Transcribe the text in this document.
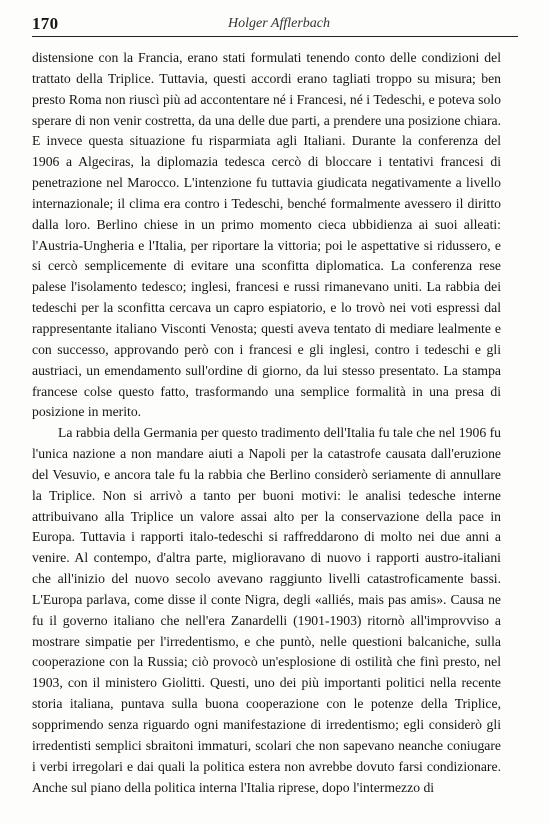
170	Holger Afflerbach

distensione con la Francia, erano stati formulati tenendo conto delle condizioni del trattato della Triplice. Tuttavia, questi accordi erano tagliati troppo su misura; ben presto Roma non riuscì più ad accontentare né i Francesi, né i Tedeschi, e poteva solo sperare di non venir costretta, da una delle due parti, a prendere una posizione chiara. E invece questa situazione fu risparmiata agli Italiani. Durante la conferenza del 1906 a Algeciras, la diplomazia tedesca cercò di bloccare i tentativi francesi di penetrazione nel Marocco. L'intenzione fu tuttavia giudicata negativamente a livello internazionale; il clima era contro i Tedeschi, benché formalmente avessero il diritto dalla loro. Berlino chiese in un primo momento cieca ubbidienza ai suoi alleati: l'Austria-Ungheria e l'Italia, per riportare la vittoria; poi le aspettative si ridussero, e si cercò semplicemente di evitare una sconfitta diplomatica. La conferenza rese palese l'isolamento tedesco; inglesi, francesi e russi rimanevano uniti. La rabbia dei tedeschi per la sconfitta cercava un capro espiatorio, e lo trovò nei voti espressi dal rappresentante italiano Visconti Venosta; questi aveva tentato di mediare lealmente e con successo, approvando però con i francesi e gli inglesi, contro i tedeschi e gli austriaci, un emendamento sull'ordine di giorno, da lui stesso presentato. La stampa francese colse questo fatto, trasformando una semplice formalità in una presa di posizione in merito.

La rabbia della Germania per questo tradimento dell'Italia fu tale che nel 1906 fu l'unica nazione a non mandare aiuti a Napoli per la catastrofe causata dall'eruzione del Vesuvio, e ancora tale fu la rabbia che Berlino considerò seriamente di annullare la Triplice. Non si arrivò a tanto per buoni motivi: le analisi tedesche interne attribuivano alla Triplice un valore assai alto per la conservazione della pace in Europa. Tuttavia i rapporti italo-tedeschi si raffreddarono di molto nei due anni a venire. Al contempo, d'altra parte, miglioravano di nuovo i rapporti austro-italiani che all'inizio del nuovo secolo avevano raggiunto livelli catastroficamente bassi. L'Europa parlava, come disse il conte Nigra, degli «alliés, mais pas amis». Causa ne fu il governo italiano che nell'era Zanardelli (1901-1903) ritornò all'improvviso a mostrare simpatie per l'irredentismo, e che puntò, nelle questioni balcaniche, sulla cooperazione con la Russia; ciò provocò un'esplosione di ostilità che finì presto, nel 1903, con il ministero Giolitti. Questi, uno dei più importanti politici nella recente storia italiana, puntava sulla buona cooperazione con le potenze della Triplice, sopprimendo senza riguardo ogni manifestazione di irredentismo; egli considerò gli irredentisti semplici sbraitoni immaturi, scolari che non sapevano neanche coniugare i verbi irregolari e dai quali la politica estera non avrebbe dovuto farsi condizionare. Anche sul piano della politica interna l'Italia riprese, dopo l'intermezzo di
